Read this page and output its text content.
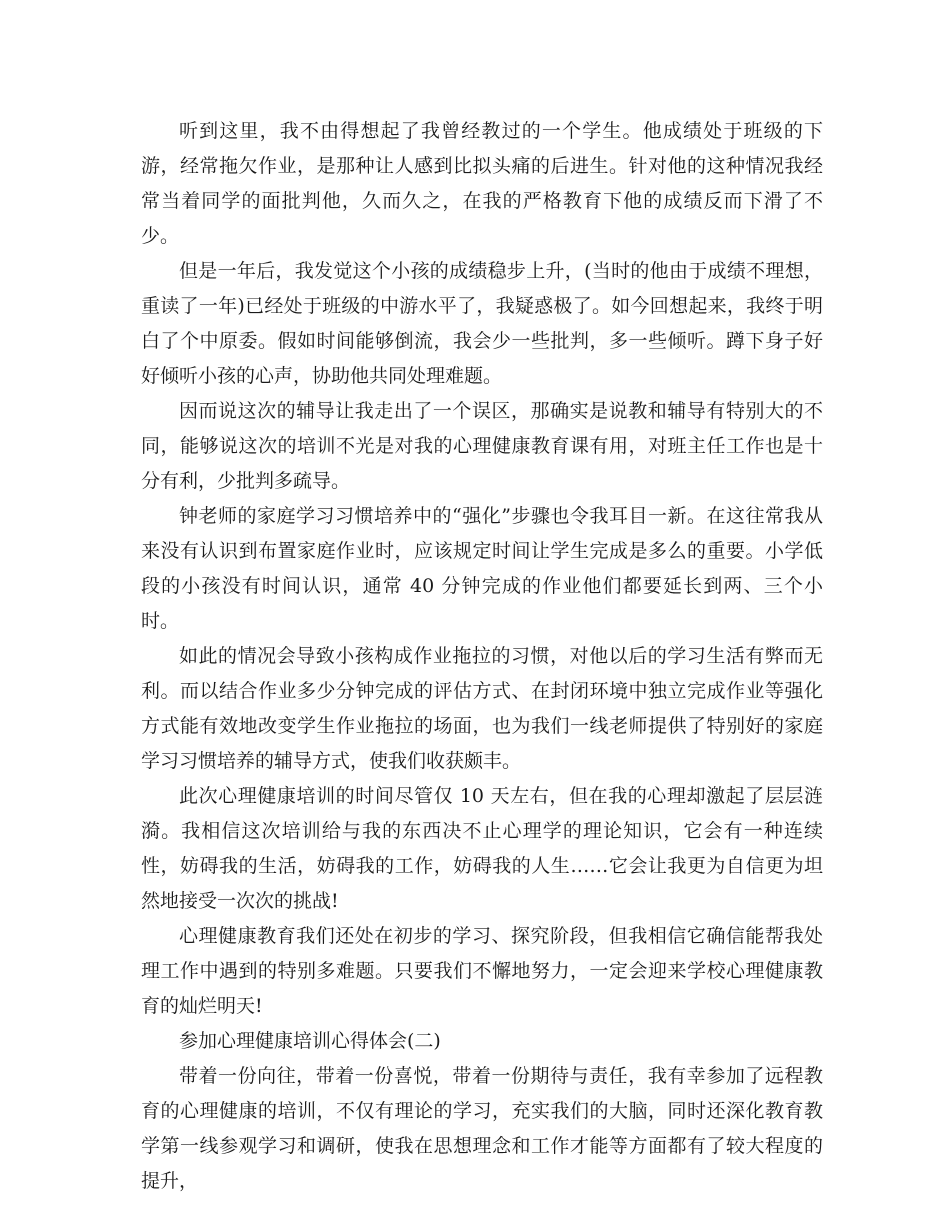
听到这里，我不由得想起了我曾经教过的一个学生。他成绩处于班级的下游，经常拖欠作业，是那种让人感到比拟头痛的后进生。针对他的这种情况我经常当着同学的面批判他，久而久之，在我的严格教育下他的成绩反而下滑了不少。

但是一年后，我发觉这个小孩的成绩稳步上升，(当时的他由于成绩不理想，重读了一年)已经处于班级的中游水平了，我疑惑极了。如今回想起来，我终于明白了个中原委。假如时间能够倒流，我会少一些批判，多一些倾听。蹲下身子好好倾听小孩的心声，协助他共同处理难题。

因而说这次的辅导让我走出了一个误区，那确实是说教和辅导有特别大的不同，能够说这次的培训不光是对我的心理健康教育课有用，对班主任工作也是十分有利，少批判多疏导。

钟老师的家庭学习习惯培养中的“强化”步骤也令我耳目一新。在这往常我从来没有认识到布置家庭作业时，应该规定时间让学生完成是多么的重要。小学低段的小孩没有时间认识，通常 40 分钟完成的作业他们都要延长到两、三个小时。

如此的情况会导致小孩构成作业拖拉的习惯，对他以后的学习生活有弊而无利。而以结合作业多少分钟完成的评估方式、在封闭环境中独立完成作业等强化方式能有效地改变学生作业拖拉的场面，也为我们一线老师提供了特别好的家庭学习习惯培养的辅导方式，使我们收获颇丰。

此次心理健康培训的时间尽管仅 10 天左右，但在我的心理却激起了层层涟漪。我相信这次培训给与我的东西决不止心理学的理论知识，它会有一种连续性，妨碍我的生活，妨碍我的工作，妨碍我的人生……它会让我更为自信更为坦然地接受一次次的挑战!

心理健康教育我们还处在初步的学习、探究阶段，但我相信它确信能帮我处理工作中遇到的特别多难题。只要我们不懈地努力，一定会迎来学校心理健康教育的灿烂明天!

参加心理健康培训心得体会(二)

带着一份向往，带着一份喜悦，带着一份期待与责任，我有幸参加了远程教育的心理健康的培训，不仅有理论的学习，充实我们的大脑，同时还深化教育教学第一线参观学习和调研，使我在思想理念和工作才能等方面都有了较大程度的提升，
